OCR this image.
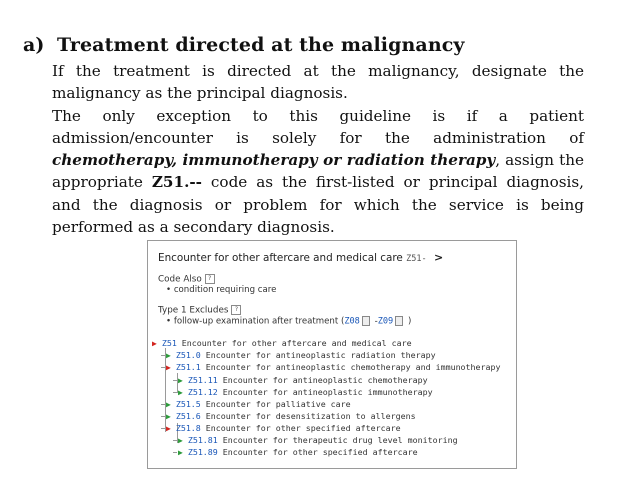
a) Treatment directed at the malignancy

If the treatment is directed at the malignancy, designate the malignancy as the principal diagnosis.

The only exception to this guideline is if a patient admission/encounter is solely for the administration of chemotherapy, immunotherapy or radiation therapy, assign the appropriate Z51.-- code as the first-listed or principal diagnosis, and the diagnosis or problem for which the service is being performed as a secondary diagnosis.

Encounter for other aftercare and medical care Z51- >
Code Also ?
• condition requiring care
Type 1 Excludes ?
• follow-up examination after treatment (Z08 -Z09 )
▶ Z51 Encounter for other aftercare and medical care
▶ Z51.0 Encounter for antineoplastic radiation therapy
▶ Z51.1 Encounter for antineoplastic chemotherapy and immunotherapy
▶ Z51.11 Encounter for antineoplastic chemotherapy
▶ Z51.12 Encounter for antineoplastic immunotherapy
▶ Z51.5 Encounter for palliative care
▶ Z51.6 Encounter for desensitization to allergens
▶ Z51.8 Encounter for other specified aftercare
▶ Z51.81 Encounter for therapeutic drug level monitoring
▶ Z51.89 Encounter for other specified aftercare
